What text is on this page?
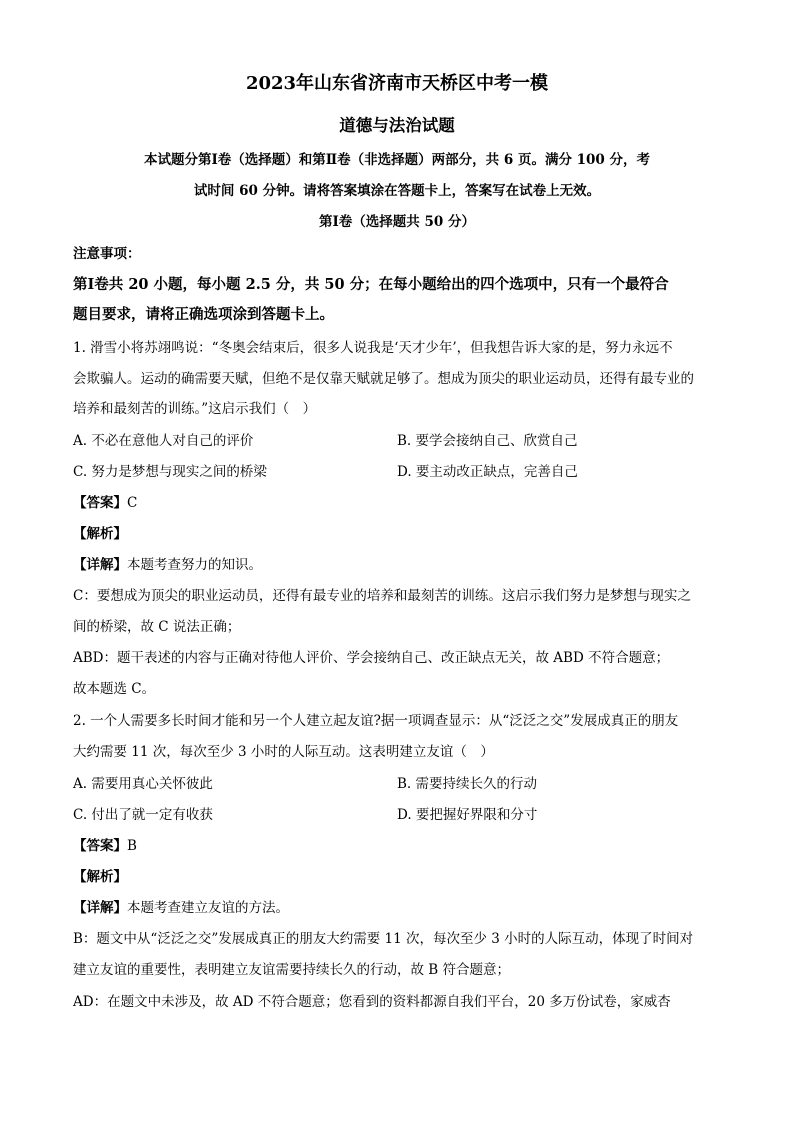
2023年山东省济南市天桥区中考一模
道德与法治试题
本试题分第Ⅰ卷（选择题）和第Ⅱ卷（非选择题）两部分，共 6 页。满分 100 分，考
试时间 60 分钟。请将答案填涂在答题卡上，答案写在试卷上无效。
第Ⅰ卷（选择题共 50 分）
注意事项：
第Ⅰ卷共 20 小题，每小题 2.5 分，共 50 分；在每小题给出的四个选项中，只有一个最符合
题目要求，请将正确选项涂到答题卡上。
1. 滑雪小将苏翊鸣说：“冬奥会结束后，很多人说我是‘天才少年’，但我想告诉大家的是，努力永远不
会欺骗人。运动的确需要天赋，但绝不是仅靠天赋就足够了。想成为顶尖的职业运动员，还得有最专业的
培养和最刻苦的训练。”这启示我们（　）
A. 不必在意他人对自己的评价	B. 要学会接纳自己、欣赏自己
C. 努力是梦想与现实之间的桥梁	D. 要主动改正缺点，完善自己
【答案】C
【解析】
【详解】本题考查努力的知识。
C：要想成为顶尖的职业运动员，还得有最专业的培养和最刻苦的训练。这启示我们努力是梦想与现实之
间的桥梁，故 C 说法正确；
ABD：题干表述的内容与正确对待他人评价、学会接纳自己、改正缺点无关，故 ABD 不符合题意；
故本题选 C。
2. 一个人需要多长时间才能和另一个人建立起友谊?据一项调查显示：从“泛泛之交”发展成真正的朋友
大约需要 11 次，每次至少 3 小时的人际互动。这表明建立友谊（　）
A. 需要用真心关怀彼此	B. 需要持续长久的行动
C. 付出了就一定有收获	D. 要把握好界限和分寸
【答案】B
【解析】
【详解】本题考查建立友谊的方法。
B：题文中从“泛泛之交”发展成真正的朋友大约需要 11 次，每次至少 3 小时的人际互动，体现了时间对
建立友谊的重要性，表明建立友谊需要持续长久的行动，故 B 符合题意；
AD：在题文中未涉及，故 AD 不符合题意；您看到的资料都源自我们平台，20 多万份试卷，家威杏
